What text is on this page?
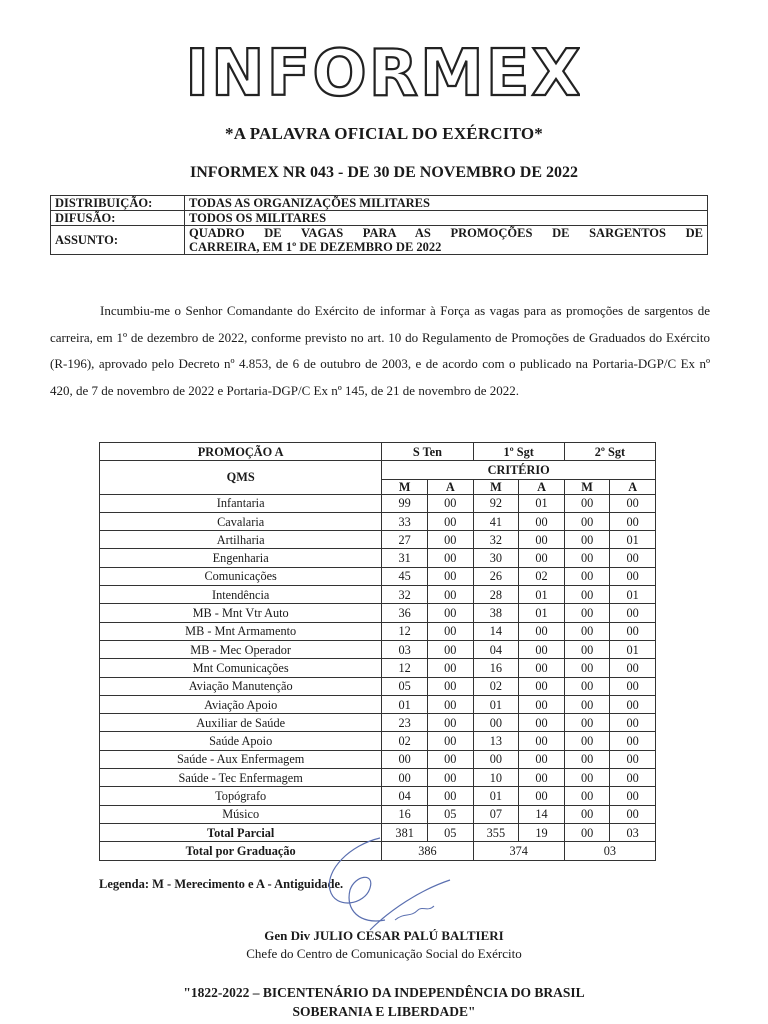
INFORMEX
*A PALAVRA OFICIAL DO EXÉRCITO*
INFORMEX NR 043 - DE 30 DE NOVEMBRO DE 2022
DISTRIBUIÇÃO:	TODAS AS ORGANIZAÇÕES MILITARES
DIFUSÃO:	TODOS OS MILITARES
ASSUNTO:	QUADRO DE VAGAS PARA AS PROMOÇÕES DE SARGENTOS DE
CARREIRA, EM 1º DE DEZEMBRO DE 2022

Incumbiu-me o Senhor Comandante do Exército de informar à Força as vagas para as promoções de sargentos de carreira, em 1º de dezembro de 2022, conforme previsto no art. 10 do Regulamento de Promoções de Graduados do Exército (R-196), aprovado pelo Decreto nº 4.853, de 6 de outubro de 2003, e de acordo com o publicado na Portaria-DGP/C Ex nº 420, de 7 de novembro de 2022 e Portaria-DGP/C Ex nº 145, de 21 de novembro de 2022.

PROMOÇÃO A	S Ten		1º Sgt		2º Sgt	
QMS	CRITÉRIO					
	M	A	M	A	M	A
Infantaria	99	00	92	01	00	00
Cavalaria	33	00	41	00	00	00
Artilharia	27	00	32	00	00	01
Engenharia	31	00	30	00	00	00
Comunicações	45	00	26	02	00	00
Intendência	32	00	28	01	00	01
MB - Mnt Vtr Auto	36	00	38	01	00	00
MB - Mnt Armamento	12	00	14	00	00	00
MB - Mec Operador	03	00	04	00	00	01
Mnt Comunicações	12	00	16	00	00	00
Aviação Manutenção	05	00	02	00	00	00
Aviação Apoio	01	00	01	00	00	00
Auxiliar de Saúde	23	00	00	00	00	00
Saúde Apoio	02	00	13	00	00	00
Saúde - Aux Enfermagem	00	00	00	00	00	00
Saúde - Tec Enfermagem	00	00	10	00	00	00
Topógrafo	04	00	01	00	00	00
Músico	16	05	07	14	00	00
Total Parcial	381	05	355	19	00	03
Total por Graduação	386		374		03	
Legenda: M - Merecimento e A - Antiguidade.
Gen Div JULIO CESAR PALÚ BALTIERI
Chefe do Centro de Comunicação Social do Exército
"1822-2022 – BICENTENÁRIO DA INDEPENDÊNCIA DO BRASIL
SOBERANIA E LIBERDADE"
